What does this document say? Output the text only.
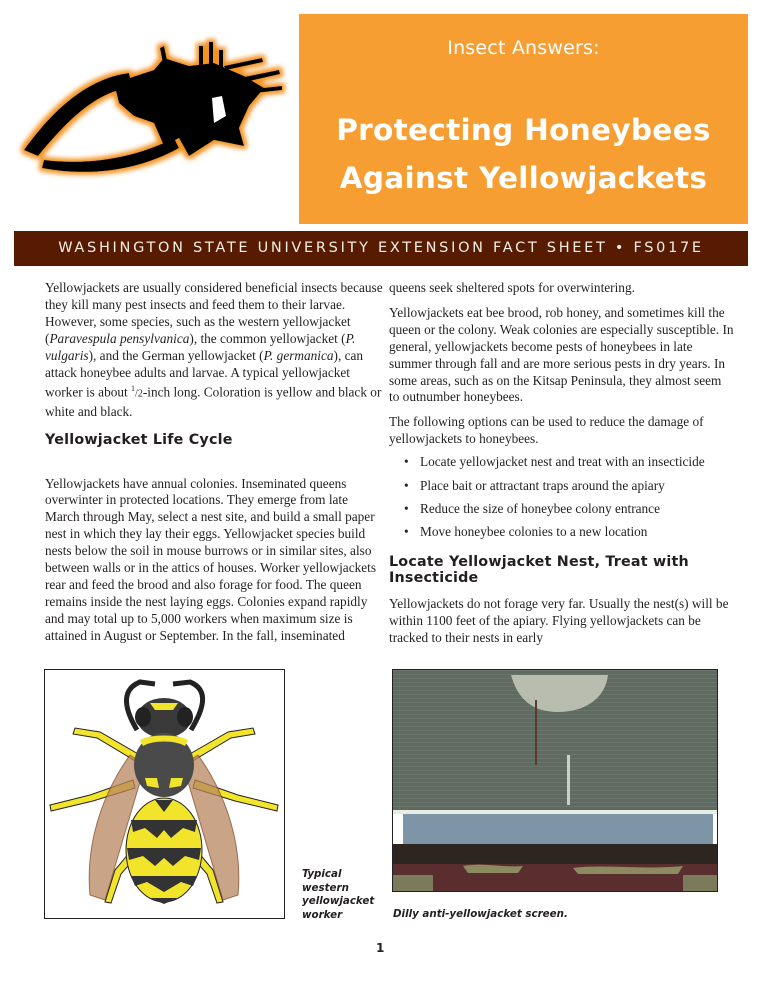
Insect Answers:
Protecting Honeybees
Against Yellowjackets
WASHINGTON STATE UNIVERSITY EXTENSION FACT SHEET • FS017E

Yellowjackets are usually considered beneficial insects because they kill many pest insects and feed them to their larvae. However, some species, such as the western yellowjacket (Paravespula pensylvanica), the common yellowjacket (P. vulgaris), and the German yellowjacket (P. germanica), can attack honeybee adults and larvae. A typical yellowjacket worker is about $^1$/2-inch long. Coloration is yellow and black or white and black.

Yellowjacket Life Cycle

Yellowjackets have annual colonies. Inseminated queens overwinter in protected locations. They emerge from late March through May, select a nest site, and build a small paper nest in which they lay their eggs. Yellowjacket species build nests below the soil in mouse burrows or in similar sites, also between walls or in the attics of houses. Worker yellowjackets rear and feed the brood and also forage for food. The queen remains inside the nest laying eggs. Colonies expand rapidly and may total up to 5,000 workers when maximum size is attained in August or September. In the fall, inseminated

queens seek sheltered spots for overwintering.

Yellowjackets eat bee brood, rob honey, and sometimes kill the queen or the colony. Weak colonies are especially susceptible. In general, yellowjackets become pests of honeybees in late summer through fall and are more serious pests in dry years. In some areas, such as on the Kitsap Peninsula, they almost seem to outnumber honeybees.

The following options can be used to reduce the damage of yellowjackets to honeybees.

• Locate yellowjacket nest and treat with an insecticide
• Place bait or attractant traps around the apiary
• Reduce the size of honeybee colony entrance
• Move honeybee colonies to a new location
Locate Yellowjacket Nest, Treat with Insecticide

Yellowjackets do not forage very far. Usually the nest(s) will be within 1100 feet of the apiary. Flying yellowjackets can be tracked to their nests in early

Typical
western
yellowjacket
worker	Dilly anti-yellowjacket screen.
1
